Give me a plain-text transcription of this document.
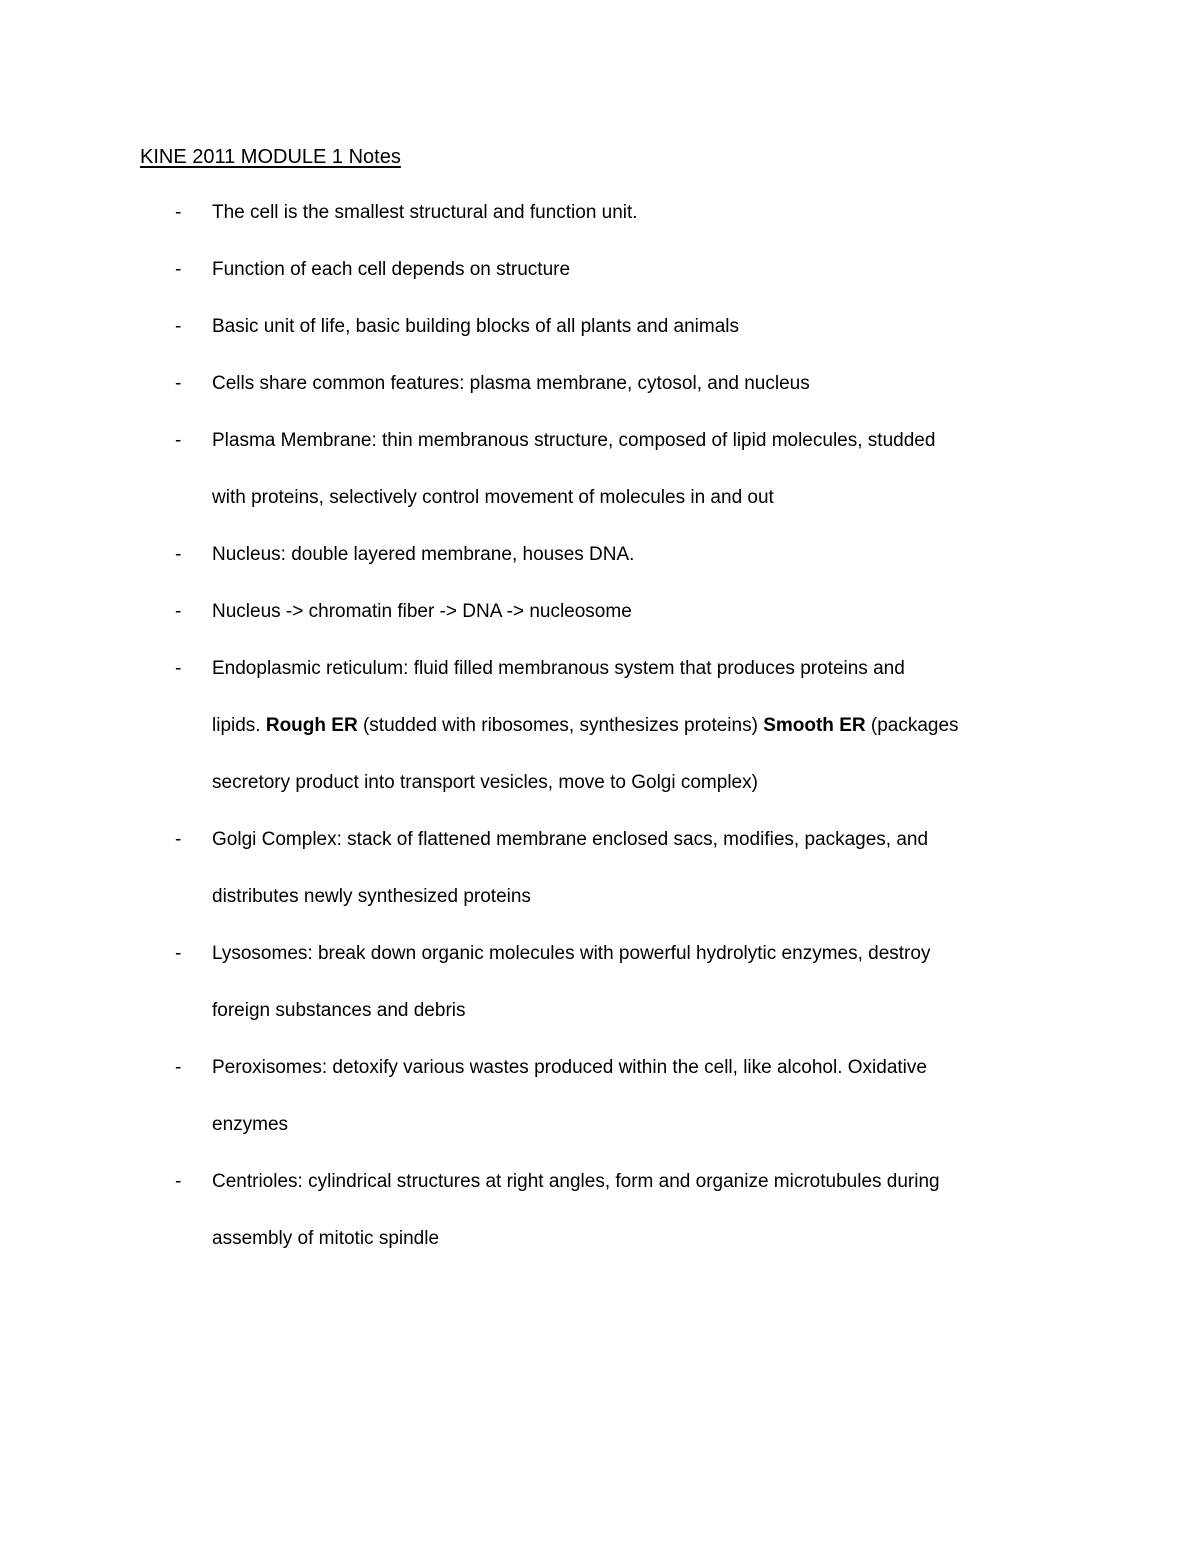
KINE 2011 MODULE 1 Notes
- The cell is the smallest structural and function unit.
- Function of each cell depends on structure
- Basic unit of life, basic building blocks of all plants and animals
- Cells share common features: plasma membrane, cytosol, and nucleus
- Plasma Membrane: thin membranous structure, composed of lipid molecules, studded
with proteins, selectively control movement of molecules in and out
- Nucleus: double layered membrane, houses DNA.
- Nucleus -> chromatin fiber -> DNA -> nucleosome
- Endoplasmic reticulum: fluid filled membranous system that produces proteins and
lipids. Rough ER (studded with ribosomes, synthesizes proteins) Smooth ER (packages
secretory product into transport vesicles, move to Golgi complex)
- Golgi Complex: stack of flattened membrane enclosed sacs, modifies, packages, and
distributes newly synthesized proteins
- Lysosomes: break down organic molecules with powerful hydrolytic enzymes, destroy
foreign substances and debris
- Peroxisomes: detoxify various wastes produced within the cell, like alcohol. Oxidative
enzymes
- Centrioles: cylindrical structures at right angles, form and organize microtubules during
assembly of mitotic spindle
